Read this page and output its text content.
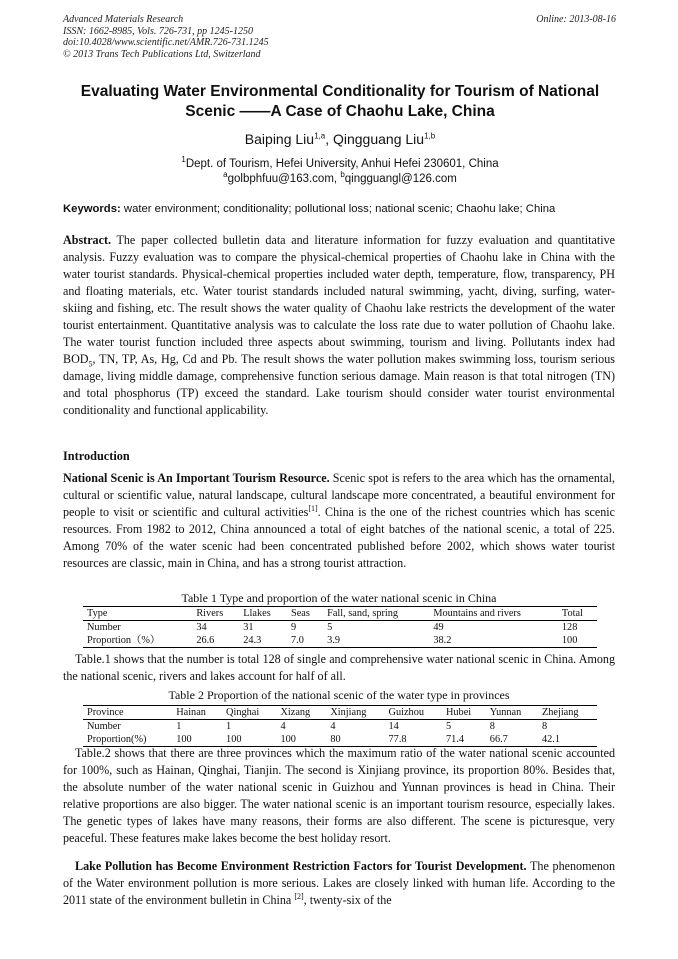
Advanced Materials Research
ISSN: 1662-8985, Vols. 726-731, pp 1245-1250
doi:10.4028/www.scientific.net/AMR.726-731.1245
© 2013 Trans Tech Publications Ltd, Switzerland
Online: 2013-08-16
Evaluating Water Environmental Conditionality for Tourism of National
Scenic ——A Case of Chaohu Lake, China
Baiping Liu$^{1,a}$, Qingguang Liu$^{1,b}$
$^1$Dept. of Tourism, Hefei University, Anhui Hefei 230601, China
$^a$golbphfuu@163.com, $^b$qingguangl@126.com
Keywords: water environment; conditionality; pollutional loss; national scenic; Chaohu lake; China
Abstract. The paper collected bulletin data and literature information for fuzzy evaluation and quantitative analysis. Fuzzy evaluation was to compare the physical-chemical properties of Chaohu lake in China with the water tourist standards. Physical-chemical properties included water depth, temperature, flow, transparency, PH and floating materials, etc. Water tourist standards included natural swimming, yacht, diving, surfing, water-skiing and fishing, etc. The result shows the water quality of Chaohu lake restricts the development of the water tourist entertainment. Quantitative analysis was to calculate the loss rate due to water pollution of Chaohu lake. The water tourist function included three aspects about swimming, tourism and living. Pollutants index had $BOD_5$, TN, TP, As, Hg, Cd and Pb. The result shows the water pollution makes swimming loss, tourism serious damage, living middle damage, comprehensive function serious damage. Main reason is that total nitrogen (TN) and total phosphorus (TP) exceed the standard. Lake tourism should consider water tourist environmental conditionality and functional applicability.
Introduction
National Scenic is An Important Tourism Resource. Scenic spot is refers to the area which has the ornamental, cultural or scientific value, natural landscape, cultural landscape more concentrated, a beautiful environment for people to visit or scientific and cultural activities[1]. China is the one of the richest countries which has scenic resources. From 1982 to 2012, China announced a total of eight batches of the national scenic, a total of 225. Among 70% of the water scenic had been concentrated published before 2002, which shows water tourist resources are classic, main in China, and has a strong tourist attraction.
Table 1 Type and proportion of the water national scenic in China
Type	Rivers	Llakes	Seas	Fall, sand, spring	Mountains and rivers	Total
Number	34	31	9	5	49	128
Proportion（%）	26.6	24.3	7.0	3.9	38.2	100
Table.1 shows that the number is total 128 of single and comprehensive water national scenic in China. Among the national scenic, rivers and lakes account for half of all.
Table 2 Proportion of the national scenic of the water type in provinces
Province	Hainan	Qinghai	Xizang	Xinjiang	Guizhou	Hubei	Yunnan	Zhejiang
Number	1	1	4	4	14	5	8	8
Proportion(%)	100	100	100	80	77.8	71.4	66.7	42.1
Table.2 shows that there are three provinces which the maximum ratio of the water national scenic accounted for 100%, such as Hainan, Qinghai, Tianjin. The second is Xinjiang province, its proportion 80%. Besides that, the absolute number of the water national scenic in Guizhou and Yunnan provinces is head in China. Their relative proportions are also bigger. The water national scenic is an important tourism resource, especially lakes. The genetic types of lakes have many reasons, their forms are also different. The scene is picturesque, very peaceful. These features make lakes become the best holiday resort.
Lake Pollution has Become Environment Restriction Factors for Tourist Development. The phenomenon of the Water environment pollution is more serious. Lakes are closely linked with human life. According to the 2011 state of the environment bulletin in China [2], twenty-six of the
